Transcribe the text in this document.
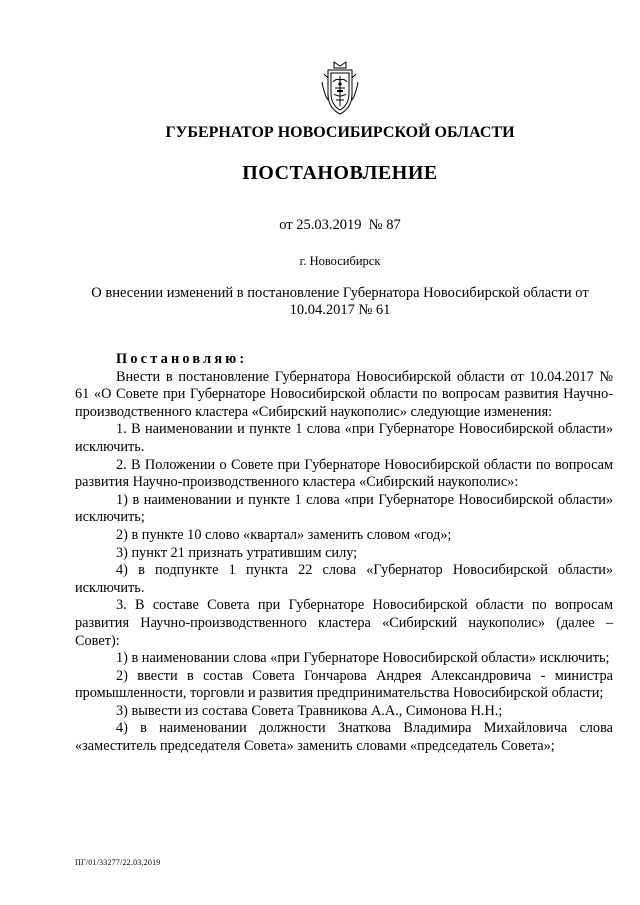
ГУБЕРНАТОР НОВОСИБИРСКОЙ ОБЛАСТИ
ПОСТАНОВЛЕНИЕ
от 25.03.2019  № 87
г. Новосибирск
О внесении изменений в постановление Губернатора Новосибирской области от 10.04.2017 № 61

Постановляю:

Внести в постановление Губернатора Новосибирской области от 10.04.2017 № 61 «О Совете при Губернаторе Новосибирской области по вопросам развития Научно-производственного кластера «Сибирский наукополис» следующие изменения:

1. В наименовании и пункте 1 слова «при Губернаторе Новосибирской области» исключить.

2. В Положении о Совете при Губернаторе Новосибирской области по вопросам развития Научно-производственного кластера «Сибирский наукополис»:

1) в наименовании и пункте 1 слова «при Губернаторе Новосибирской области» исключить;

2) в пункте 10 слово «квартал» заменить словом «год»;

3) пункт 21 признать утратившим силу;

4) в подпункте 1 пункта 22 слова «Губернатор Новосибирской области» исключить.

3. В составе Совета при Губернаторе Новосибирской области по вопросам развития Научно-производственного кластера «Сибирский наукополис» (далее – Совет):

1) в наименовании слова «при Губернаторе Новосибирской области» исключить;

2) ввести в состав Совета Гончарова Андрея Александровича - министра промышленности, торговли и развития предпринимательства Новосибирской области;

3) вывести из состава Совета Травникова А.А., Симонова Н.Н.;

4) в наименовании должности Знаткова Владимира Михайловича слова «заместитель председателя Совета» заменить словами «председатель Совета»;

ПГ/01/33277/22.03.2019
